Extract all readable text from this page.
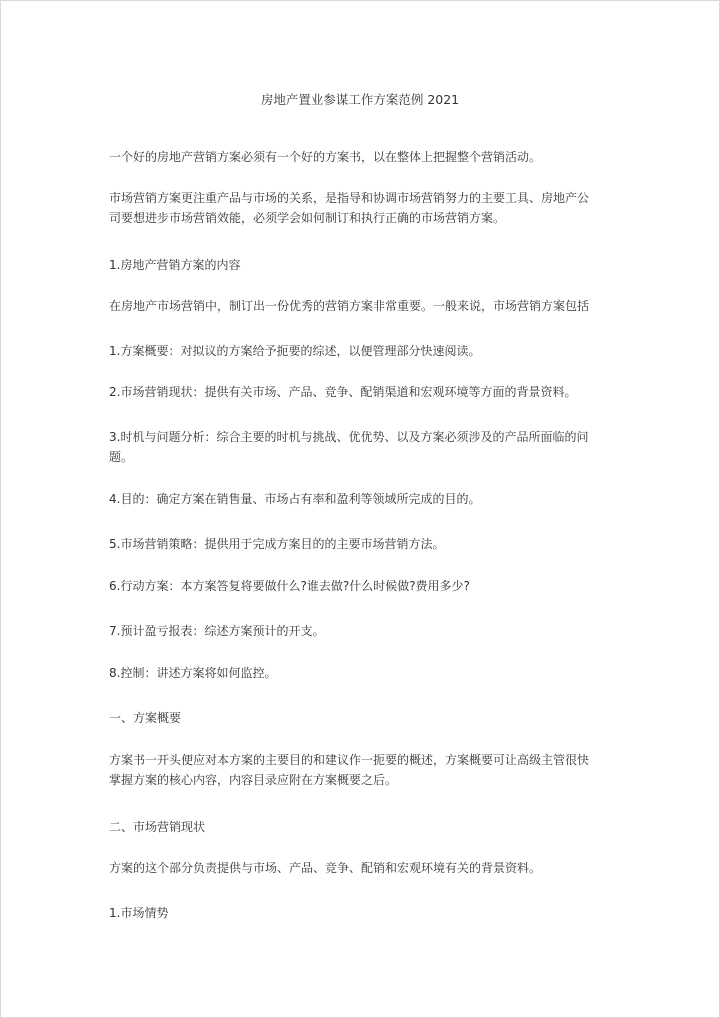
房地产置业参谋工作方案范例 2021
一个好的房地产营销方案必须有一个好的方案书，以在整体上把握整个营销活动。
市场营销方案更注重产品与市场的关系，是指导和协调市场营销努力的主要工具、房地产公
司要想进步市场营销效能，必须学会如何制订和执行正确的市场营销方案。
1.房地产营销方案的内容
在房地产市场营销中，制订出一份优秀的营销方案非常重要。一般来说，市场营销方案包括
1.方案概要：对拟议的方案给予扼要的综述，以便管理部分快速阅读。
2.市场营销现状：提供有关市场、产品、竞争、配销渠道和宏观环境等方面的背景资料。
3.时机与问题分析：综合主要的时机与挑战、优优势、以及方案必须涉及的产品所面临的问
题。
4.目的：确定方案在销售量、市场占有率和盈利等领域所完成的目的。
5.市场营销策略：提供用于完成方案目的的主要市场营销方法。
6.行动方案：本方案答复将要做什么?谁去做?什么时候做?费用多少?
7.预计盈亏报表：综述方案预计的开支。
8.控制：讲述方案将如何监控。
一、方案概要
方案书一开头便应对本方案的主要目的和建议作一扼要的概述，方案概要可让高级主管很快
掌握方案的核心内容，内容目录应附在方案概要之后。
二、市场营销现状
方案的这个部分负责提供与市场、产品、竞争、配销和宏观环境有关的背景资料。
1.市场情势
